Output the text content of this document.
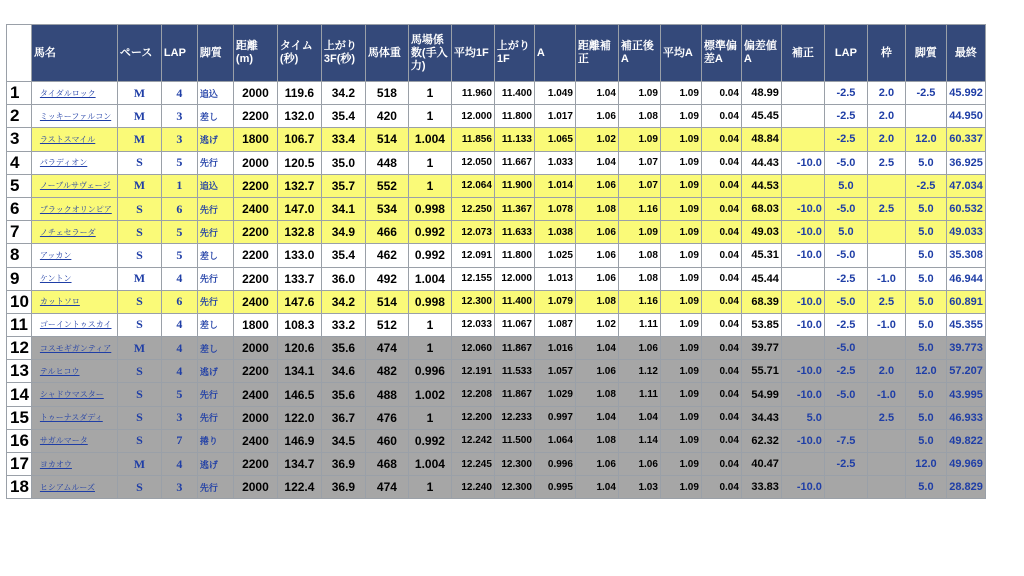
	馬名	ペース	LAP	脚質	距離(m)	タイム(秒)	上がり3F(秒)	馬体重	馬場係数(手入力)	平均1F	上がり1F	A	距離補正	補正後A	平均A	標準偏差A	偏差値A	補正	LAP	枠	脚質	最終
1	タイダルロック	M	4	追込	2000	119.6	34.2	518	1	11.960	11.400	1.049	1.04	1.09	1.09	0.04	48.99		-2.5	2.0	-2.5	45.992
2	ミッキーファルコン	M	3	差し	2200	132.0	35.4	420	1	12.000	11.800	1.017	1.06	1.08	1.09	0.04	45.45		-2.5	2.0		44.950
3	ラストスマイル	M	3	逃げ	1800	106.7	33.4	514	1.004	11.856	11.133	1.065	1.02	1.09	1.09	0.04	48.84		-2.5	2.0	12.0	60.337
4	パラディオン	S	5	先行	2000	120.5	35.0	448	1	12.050	11.667	1.033	1.04	1.07	1.09	0.04	44.43	-10.0	-5.0	2.5	5.0	36.925
5	ノーブルサヴェージ	M	1	追込	2200	132.7	35.7	552	1	12.064	11.900	1.014	1.06	1.07	1.09	0.04	44.53		5.0		-2.5	47.034
6	ブラックオリンピア	S	6	先行	2400	147.0	34.1	534	0.998	12.250	11.367	1.078	1.08	1.16	1.09	0.04	68.03	-10.0	-5.0	2.5	5.0	60.532
7	ノチェセラーダ	S	5	先行	2200	132.8	34.9	466	0.992	12.073	11.633	1.038	1.06	1.09	1.09	0.04	49.03	-10.0	5.0		5.0	49.033
8	アッカン	S	5	差し	2200	133.0	35.4	462	0.992	12.091	11.800	1.025	1.06	1.08	1.09	0.04	45.31	-10.0	-5.0		5.0	35.308
9	ケントン	M	4	先行	2200	133.7	36.0	492	1.004	12.155	12.000	1.013	1.06	1.08	1.09	0.04	45.44		-2.5	-1.0	5.0	46.944
10	カットソロ	S	6	先行	2400	147.6	34.2	514	0.998	12.300	11.400	1.079	1.08	1.16	1.09	0.04	68.39	-10.0	-5.0	2.5	5.0	60.891
11	ゴーイントゥスカイ	S	4	差し	1800	108.3	33.2	512	1	12.033	11.067	1.087	1.02	1.11	1.09	0.04	53.85	-10.0	-2.5	-1.0	5.0	45.355
12	コスモギガンティア	M	4	差し	2000	120.6	35.6	474	1	12.060	11.867	1.016	1.04	1.06	1.09	0.04	39.77		-5.0		5.0	39.773
13	テルヒコウ	S	4	逃げ	2200	134.1	34.6	482	0.996	12.191	11.533	1.057	1.06	1.12	1.09	0.04	55.71	-10.0	-2.5	2.0	12.0	57.207
14	シャドウマスター	S	5	先行	2400	146.5	35.6	488	1.002	12.208	11.867	1.029	1.08	1.11	1.09	0.04	54.99	-10.0	-5.0	-1.0	5.0	43.995
15	トゥーナスダディ	S	3	先行	2000	122.0	36.7	476	1	12.200	12.233	0.997	1.04	1.04	1.09	0.04	34.43	5.0		2.5	5.0	46.933
16	サガルマータ	S	7	捲り	2400	146.9	34.5	460	0.992	12.242	11.500	1.064	1.08	1.14	1.09	0.04	62.32	-10.0	-7.5		5.0	49.822
17	ヨカオウ	M	4	逃げ	2200	134.7	36.9	468	1.004	12.245	12.300	0.996	1.06	1.06	1.09	0.04	40.47		-2.5		12.0	49.969
18	ヒシアムルーズ	S	3	先行	2000	122.4	36.9	474	1	12.240	12.300	0.995	1.04	1.03	1.09	0.04	33.83	-10.0			5.0	28.829
